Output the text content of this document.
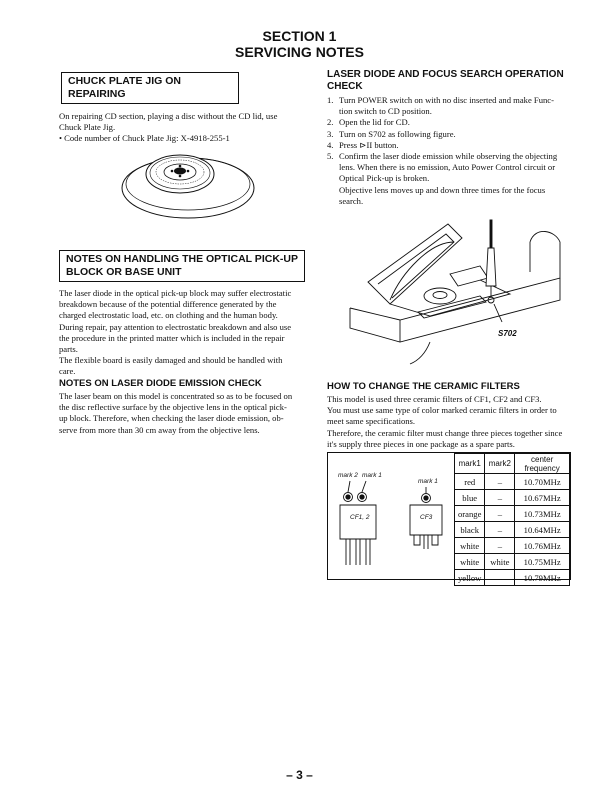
SECTION 1
SERVICING NOTES
CHUCK PLATE JIG ON REPAIRING
On repairing CD section, playing a disc without the CD lid, use
Chuck Plate Jig.
• Code number of Chuck Plate Jig: X-4918-255-1
NOTES ON HANDLING THE OPTICAL PICK-UP
BLOCK OR BASE UNIT
The laser diode in the optical pick-up block may suffer electrostatic
breakdown because of the potential difference generated by the
charged electrostatic load, etc. on clothing and the human body.
During repair, pay attention to electrostatic breakdown and also use
the procedure in the printed matter which is included in the repair
parts.
The flexible board is easily damaged and should be handled with
care.
NOTES ON LASER DIODE EMISSION CHECK
The laser beam on this model is concentrated so as to be focused on
the disc reflective surface by the objective lens in the optical pick-
up block. Therefore, when checking the laser diode emission, ob-
serve from more than 30 cm away from the objective lens.
LASER DIODE AND FOCUS SEARCH OPERATION
CHECK
1. Turn POWER switch on with no disc inserted and make Func-
tion switch to CD position.
2. Open the lid for CD.
3. Turn on S702 as following figure.
4. Press ⊳II button.
5. Confirm the laser diode emission while observing the objecting
lens. When there is no emission, Auto Power Control circuit or
Optical Pick-up is broken.
Objective lens moves up and down three times for the focus
search.
S702
HOW TO CHANGE THE CERAMIC FILTERS
This model is used three ceramic filters of CF1, CF2 and CF3.
You must use same type of color marked ceramic filters in order to
meet same specifications.
Therefore, the ceramic filter must change three pieces together since
it's supply three pieces in one package as a spare parts.
mark 2 mark 1
mark 1
CF1, 2	CF3
mark1	mark2	center frequency
red	–	10.70MHz
blue	–	10.67MHz
orange	–	10.73MHz
black	–	10.64MHz
white	–	10.76MHz
white	white	10.75MHz
yellow	–	10.79MHz
– 3 –
